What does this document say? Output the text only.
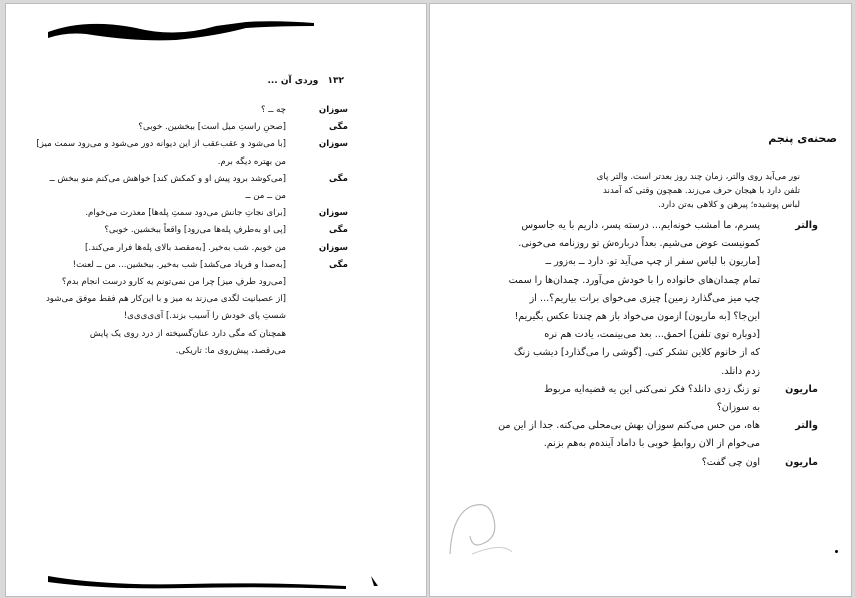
۱۳۲ وردی آن ...
سوزان
چه ــ ؟
مگی
[صحنِ راستِ میل است] ببخشین. خوبی؟
سوزان
[با می‌شود و عقب‌عقب از این دیوانه دور می‌شود و می‌رود سمت میز]
من بهتره دیگه برم.
مگی
[می‌کوشد برود پیش او و کمکش کند] خواهش می‌کنم منو ببخش ــ
من ــ من ــ
سوزان
[برای نجاتِ جانش می‌دود سمتِ پله‌ها] معذرت می‌خوام.
مگی
[پی او به‌طرفِ پله‌ها می‌رود] واقعاً ببخشین. خوبی؟
سوزان
من خوبم. شب به‌خیر. [به‌مقصد بالای پله‌ها فرار می‌کند.]
مگی
[به‌صدا و فریاد می‌کشد] شب به‌خیر. ببخشین... من ــ لعنت!
[می‌رود طرفِ میز] چرا من نمی‌تونم یه کارو درست انجام بدم؟
[از عصبانیت لگدی می‌زند به میز و با این‌کار هم فقط موفق می‌شود
شستِ پای خودش را آسیب بزند.] آی‌ی‌ی‌ی‌ی!
همچنان که مگی دارد عنان‌گسیخته از درد روی یک پایش
می‌رقصد، پیش‌روی ما: تاریکی.
صحنه‌ی پنجم
نور می‌آید روی والتر، زمان چند روز بعدتر است. والتر پای
تلفن دارد با هیجان حرف می‌زند. همچون وقتی که آمدند
لباس پوشیده؛ پیرهن و کلاهی به‌تن دارد.
والتر
پسرم، ما امشب خونه‌ایم... درسته پسر، داریم با یه جاسوس
کمونیست عوض می‌شیم. بعداً درباره‌ش تو روزنامه می‌خونی.
[ماریون با لباس سفر از چپ می‌آید تو. دارد ــ به‌زور ــ
تمام چمدان‌های خانواده را با خودش می‌آورد. چمدان‌ها را سمت
چپ میز می‌گذارد زمین] چیزی می‌خوای برات بیاریم؟... از
این‌جا؟ [به ماریون] ازمون می‌خواد باز هم چندتا عکس بگیریم!
[دوباره توی تلفن] احمق... بعد می‌بینمت، یادت هم نره
که از خانوم کلاین تشکر کنی. [گوشی را می‌گذارد] دیشب زنگ
زدم دانلد.
ماریون
تو زنگ زدی دانلد؟ فکر نمی‌کنی این یه قضیه‌ایه مربوط
به سوزان؟
والتر
هاه، من حس می‌کنم سوزان بهش بی‌محلی می‌کنه. جدا از این من
می‌خوام از الان روابطِ خوبی با داماد آینده‌م به‌هم بزنم.
ماریون
اون چی گفت؟
